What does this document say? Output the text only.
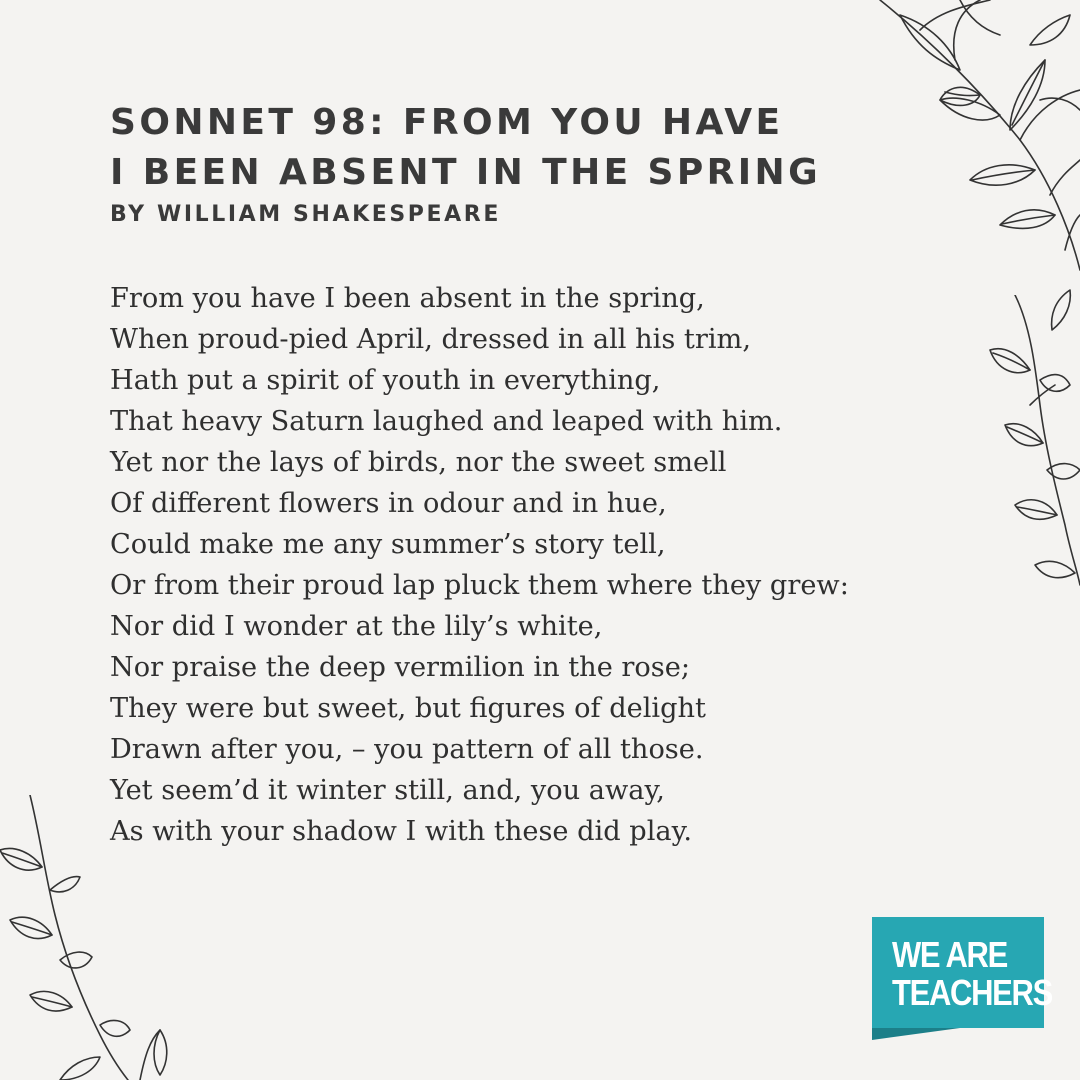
SONNET 98: FROM YOU HAVE
I BEEN ABSENT IN THE SPRING
BY WILLIAM SHAKESPEARE
From you have I been absent in the spring,
When proud-pied April, dressed in all his trim,
Hath put a spirit of youth in everything,
That heavy Saturn laughed and leaped with him.
Yet nor the lays of birds, nor the sweet smell
Of different flowers in odour and in hue,
Could make me any summer’s story tell,
Or from their proud lap pluck them where they grew:
Nor did I wonder at the lily’s white,
Nor praise the deep vermilion in the rose;
They were but sweet, but figures of delight
Drawn after you, – you pattern of all those.
Yet seem’d it winter still, and, you away,
As with your shadow I with these did play.
WE ARE
TEACHERS
